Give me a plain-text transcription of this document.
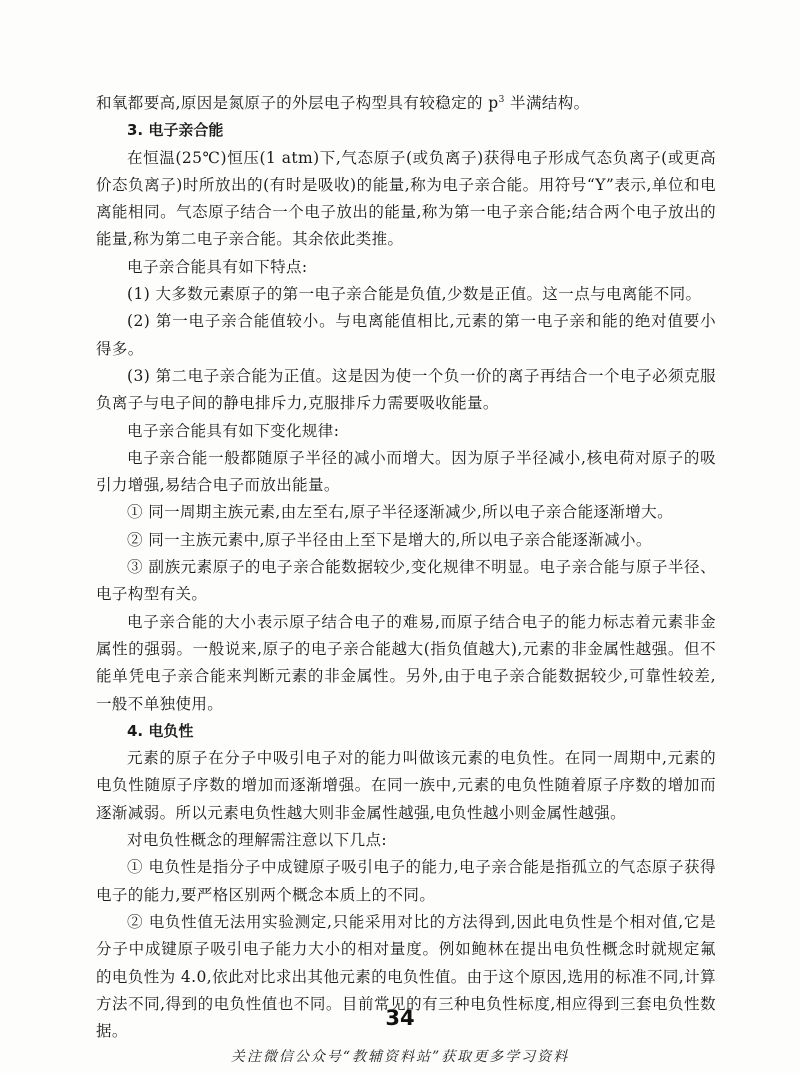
和氧都要高,原因是氮原子的外层电子构型具有较稳定的 $p^3$ 半满结构。

3. 电子亲合能

在恒温(25℃)恒压(1 atm)下,气态原子(或负离子)获得电子形成气态负离子(或更高价态负离子)时所放出的(有时是吸收)的能量,称为电子亲合能。用符号“Y”表示,单位和电离能相同。气态原子结合一个电子放出的能量,称为第一电子亲合能;结合两个电子放出的能量,称为第二电子亲合能。其余依此类推。

电子亲合能具有如下特点:

(1) 大多数元素原子的第一电子亲合能是负值,少数是正值。这一点与电离能不同。

(2) 第一电子亲合能值较小。与电离能值相比,元素的第一电子亲和能的绝对值要小得多。

(3) 第二电子亲合能为正值。这是因为使一个负一价的离子再结合一个电子必须克服负离子与电子间的静电排斥力,克服排斥力需要吸收能量。

电子亲合能具有如下变化规律:

电子亲合能一般都随原子半径的减小而增大。因为原子半径减小,核电荷对原子的吸引力增强,易结合电子而放出能量。

① 同一周期主族元素,由左至右,原子半径逐渐减少,所以电子亲合能逐渐增大。

② 同一主族元素中,原子半径由上至下是增大的,所以电子亲合能逐渐减小。

③ 副族元素原子的电子亲合能数据较少,变化规律不明显。电子亲合能与原子半径、电子构型有关。

电子亲合能的大小表示原子结合电子的难易,而原子结合电子的能力标志着元素非金属性的强弱。一般说来,原子的电子亲合能越大(指负值越大),元素的非金属性越强。但不能单凭电子亲合能来判断元素的非金属性。另外,由于电子亲合能数据较少,可靠性较差,一般不单独使用。

4. 电负性

元素的原子在分子中吸引电子对的能力叫做该元素的电负性。在同一周期中,元素的电负性随原子序数的增加而逐渐增强。在同一族中,元素的电负性随着原子序数的增加而逐渐减弱。所以元素电负性越大则非金属性越强,电负性越小则金属性越强。

对电负性概念的理解需注意以下几点:

① 电负性是指分子中成键原子吸引电子的能力,电子亲合能是指孤立的气态原子获得电子的能力,要严格区别两个概念本质上的不同。

② 电负性值无法用实验测定,只能采用对比的方法得到,因此电负性是个相对值,它是分子中成键原子吸引电子能力大小的相对量度。例如鲍林在提出电负性概念时就规定氟的电负性为 4.0,依此对比求出其他元素的电负性值。由于这个原因,选用的标准不同,计算方法不同,得到的电负性值也不同。目前常见的有三种电负性标度,相应得到三套电负性数据。

34
关注微信公众号“教辅资料站”获取更多学习资料
